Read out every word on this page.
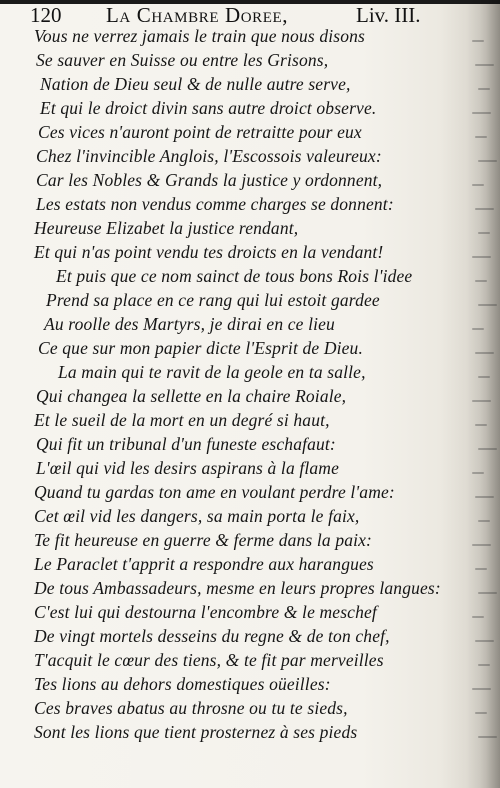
120 La Chambre Doree,	Liv. III.
Vous ne verrez jamais le train que nous disons
Se sauver en Suisse ou entre les Grisons,
Nation de Dieu seul & de nulle autre serve,
Et qui le droict divin sans autre droict observe.
Ces vices n'auront point de retraitte pour eux
Chez l'invincible Anglois, l'Escossois valeureux:
Car les Nobles & Grands la justice y ordonnent,
Les estats non vendus comme charges se donnent:
Heureuse Elizabet la justice rendant,
Et qui n'as point vendu tes droicts en la vendant!
Et puis que ce nom sainct de tous bons Rois l'idee
Prend sa place en ce rang qui lui estoit gardee
Au roolle des Martyrs, je dirai en ce lieu
Ce que sur mon papier dicte l'Esprit de Dieu.
La main qui te ravit de la geole en ta salle,
Qui changea la sellette en la chaire Roiale,
Et le sueil de la mort en un degré si haut,
Qui fit un tribunal d'un funeste eschafaut:
L'œil qui vid les desirs aspirans à la flame
Quand tu gardas ton ame en voulant perdre l'ame:
Cet œil vid les dangers, sa main porta le faix,
Te fit heureuse en guerre & ferme dans la paix:
Le Paraclet t'apprit a respondre aux harangues
De tous Ambassadeurs, mesme en leurs propres langues:
C'est lui qui destourna l'encombre & le meschef
De vingt mortels desseins du regne & de ton chef,
T'acquit le cœur des tiens, & te fit par merveilles
Tes lions au dehors domestiques oüeilles:
Ces braves abatus au throsne ou tu te sieds,
Sont les lions que tient prosternez à ses pieds
